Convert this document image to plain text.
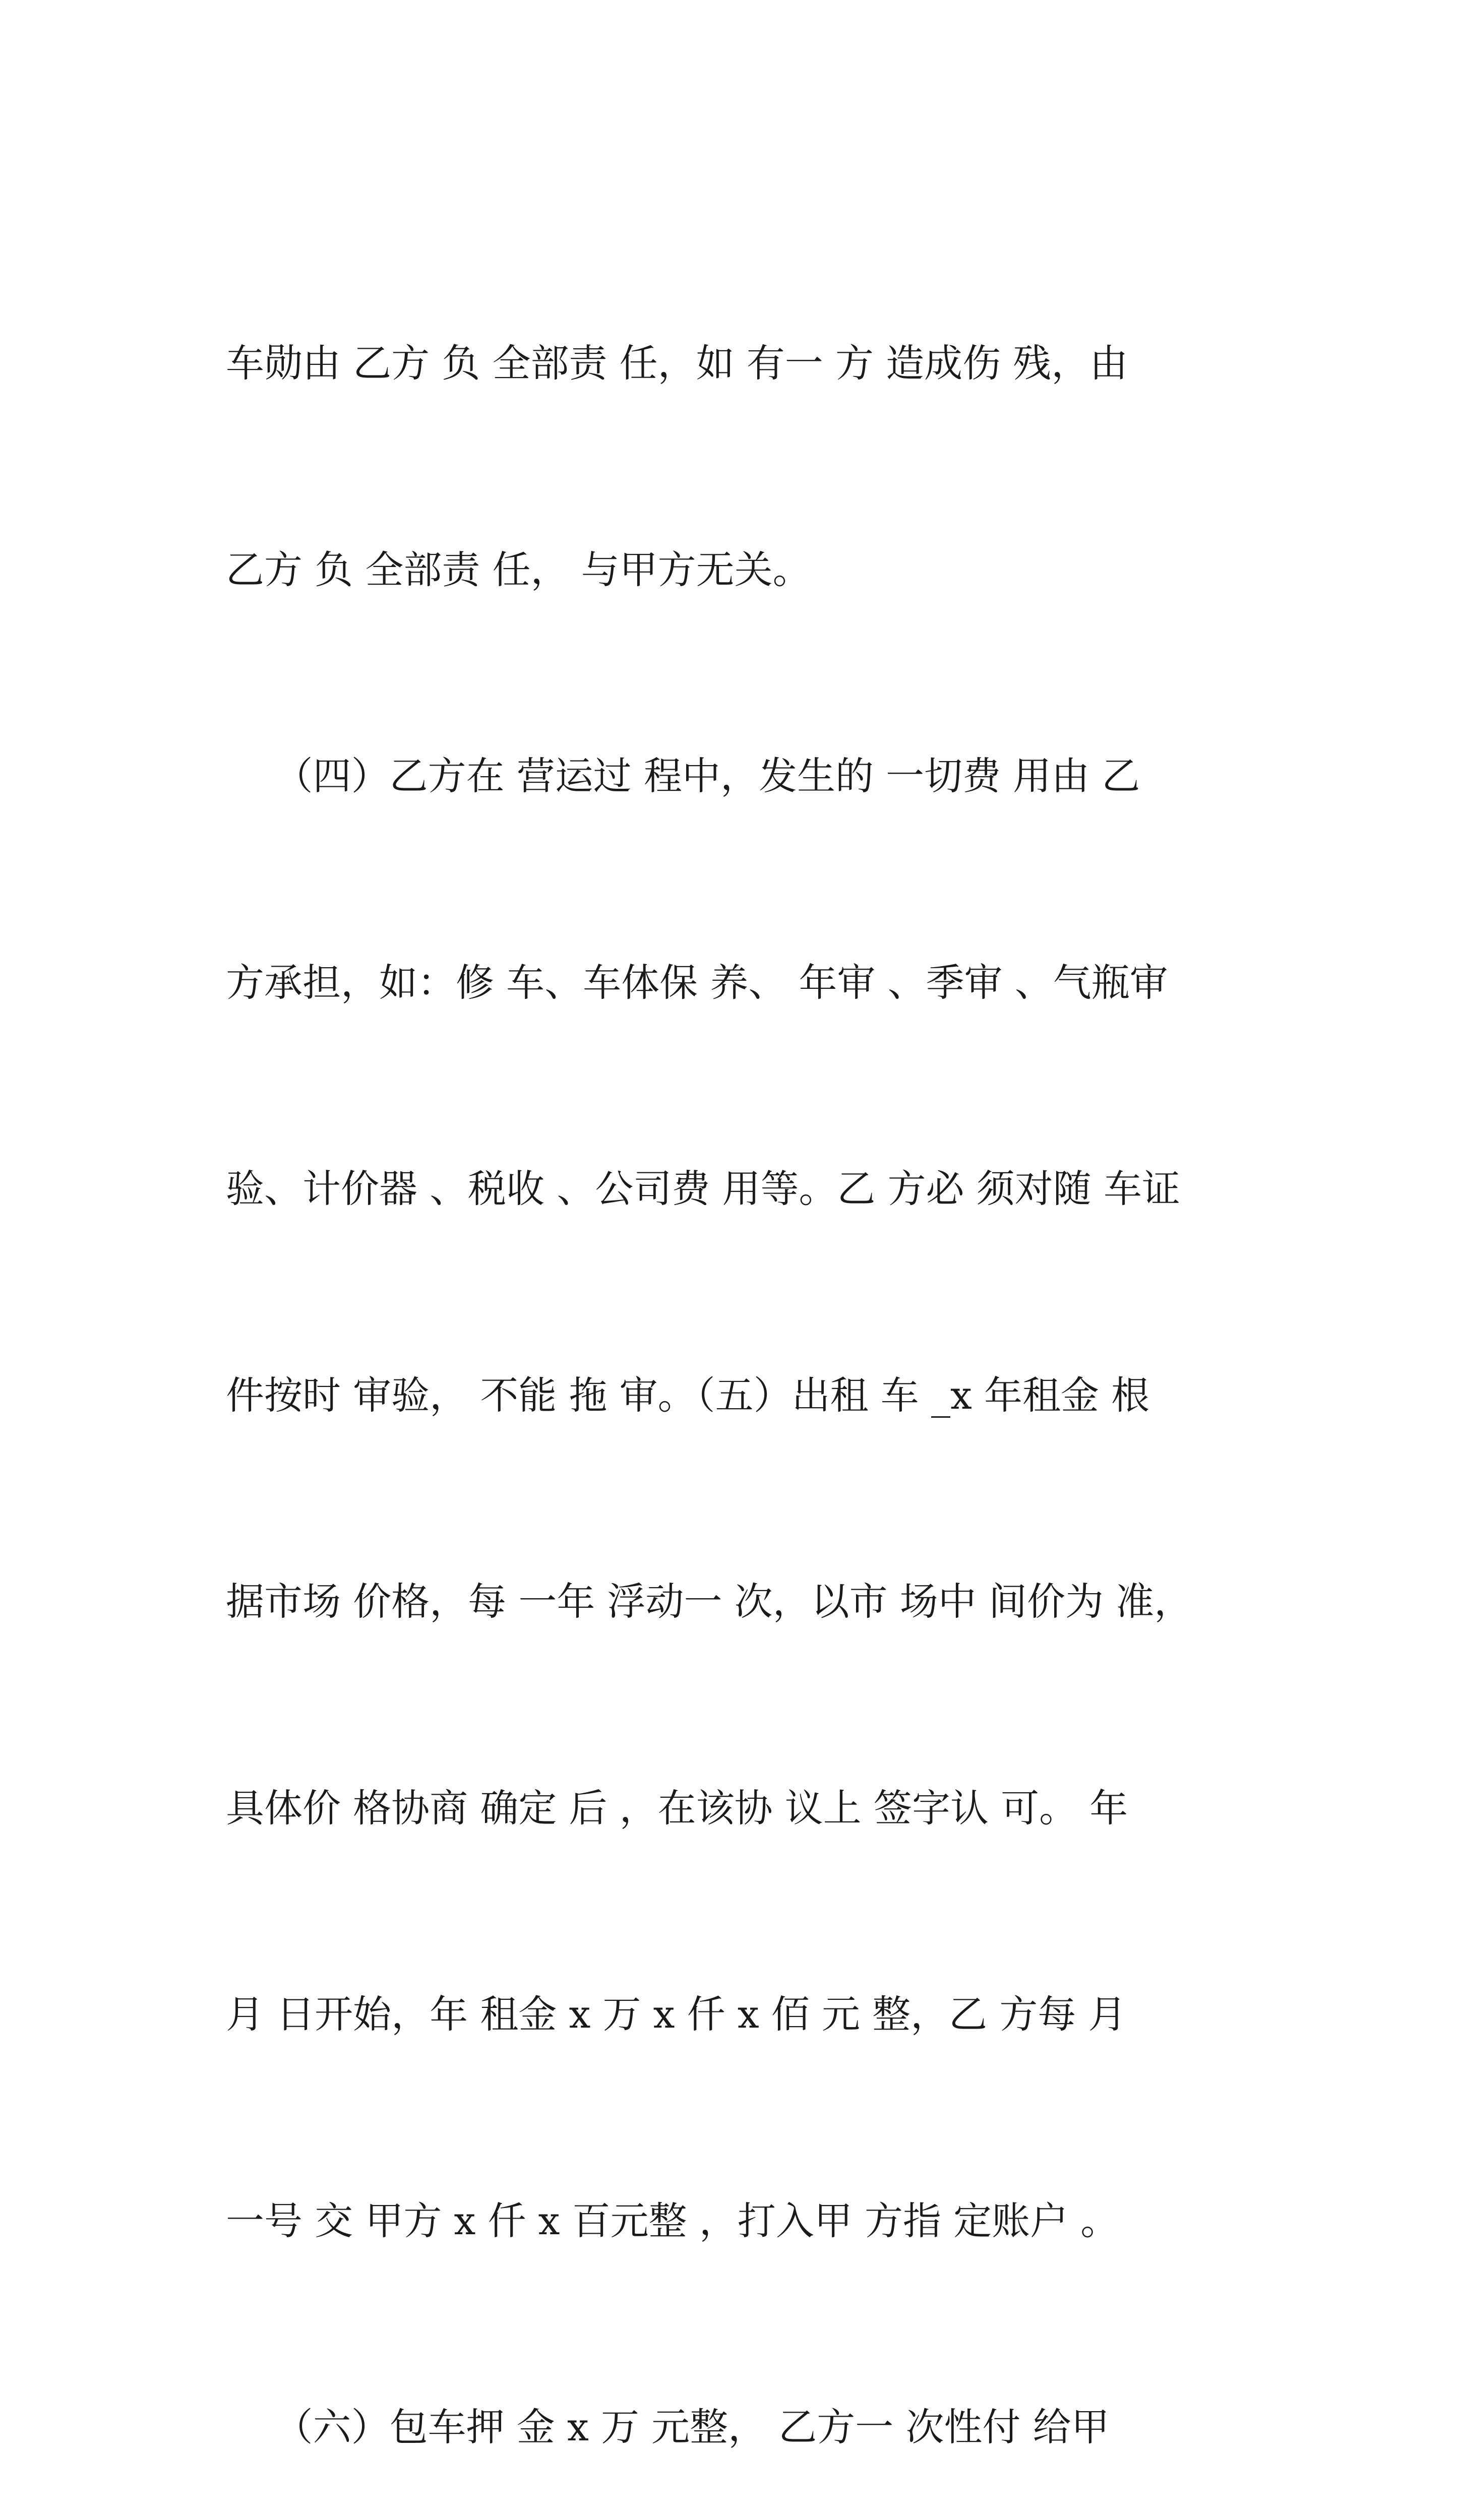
车勋由 乙方 负 全部责 任，如 有一 方 造成伤 残，由

乙方 负 全部责 任， 与甲方无关。

（四）乙方在 营运过 程中，发生的 一切费 用由 乙

方承担，如：修 车、车体保 养、 年审 、季审 、气瓶审

验、计价器 、税收 、公司费 用等。乙 方必 须对随 车证

件按时 审验， 不能 拖 审。（五）出租 车 _x 年租金 根

据市场 价格，每 一年 浮动一 次，以市 场中 间价为 准，

具体价 格协商 确定 后 ，在该协 议上 签字认 可。 年

月 日开始，年 租金 x 万 x 仟 x 佰 元 整，乙 方每 月

一号 交 甲方 x 仟 x 百元整 ，打入甲 方指 定账户 。

（六）包车押 金 x 万 元整， 乙方一 次性付 给甲
